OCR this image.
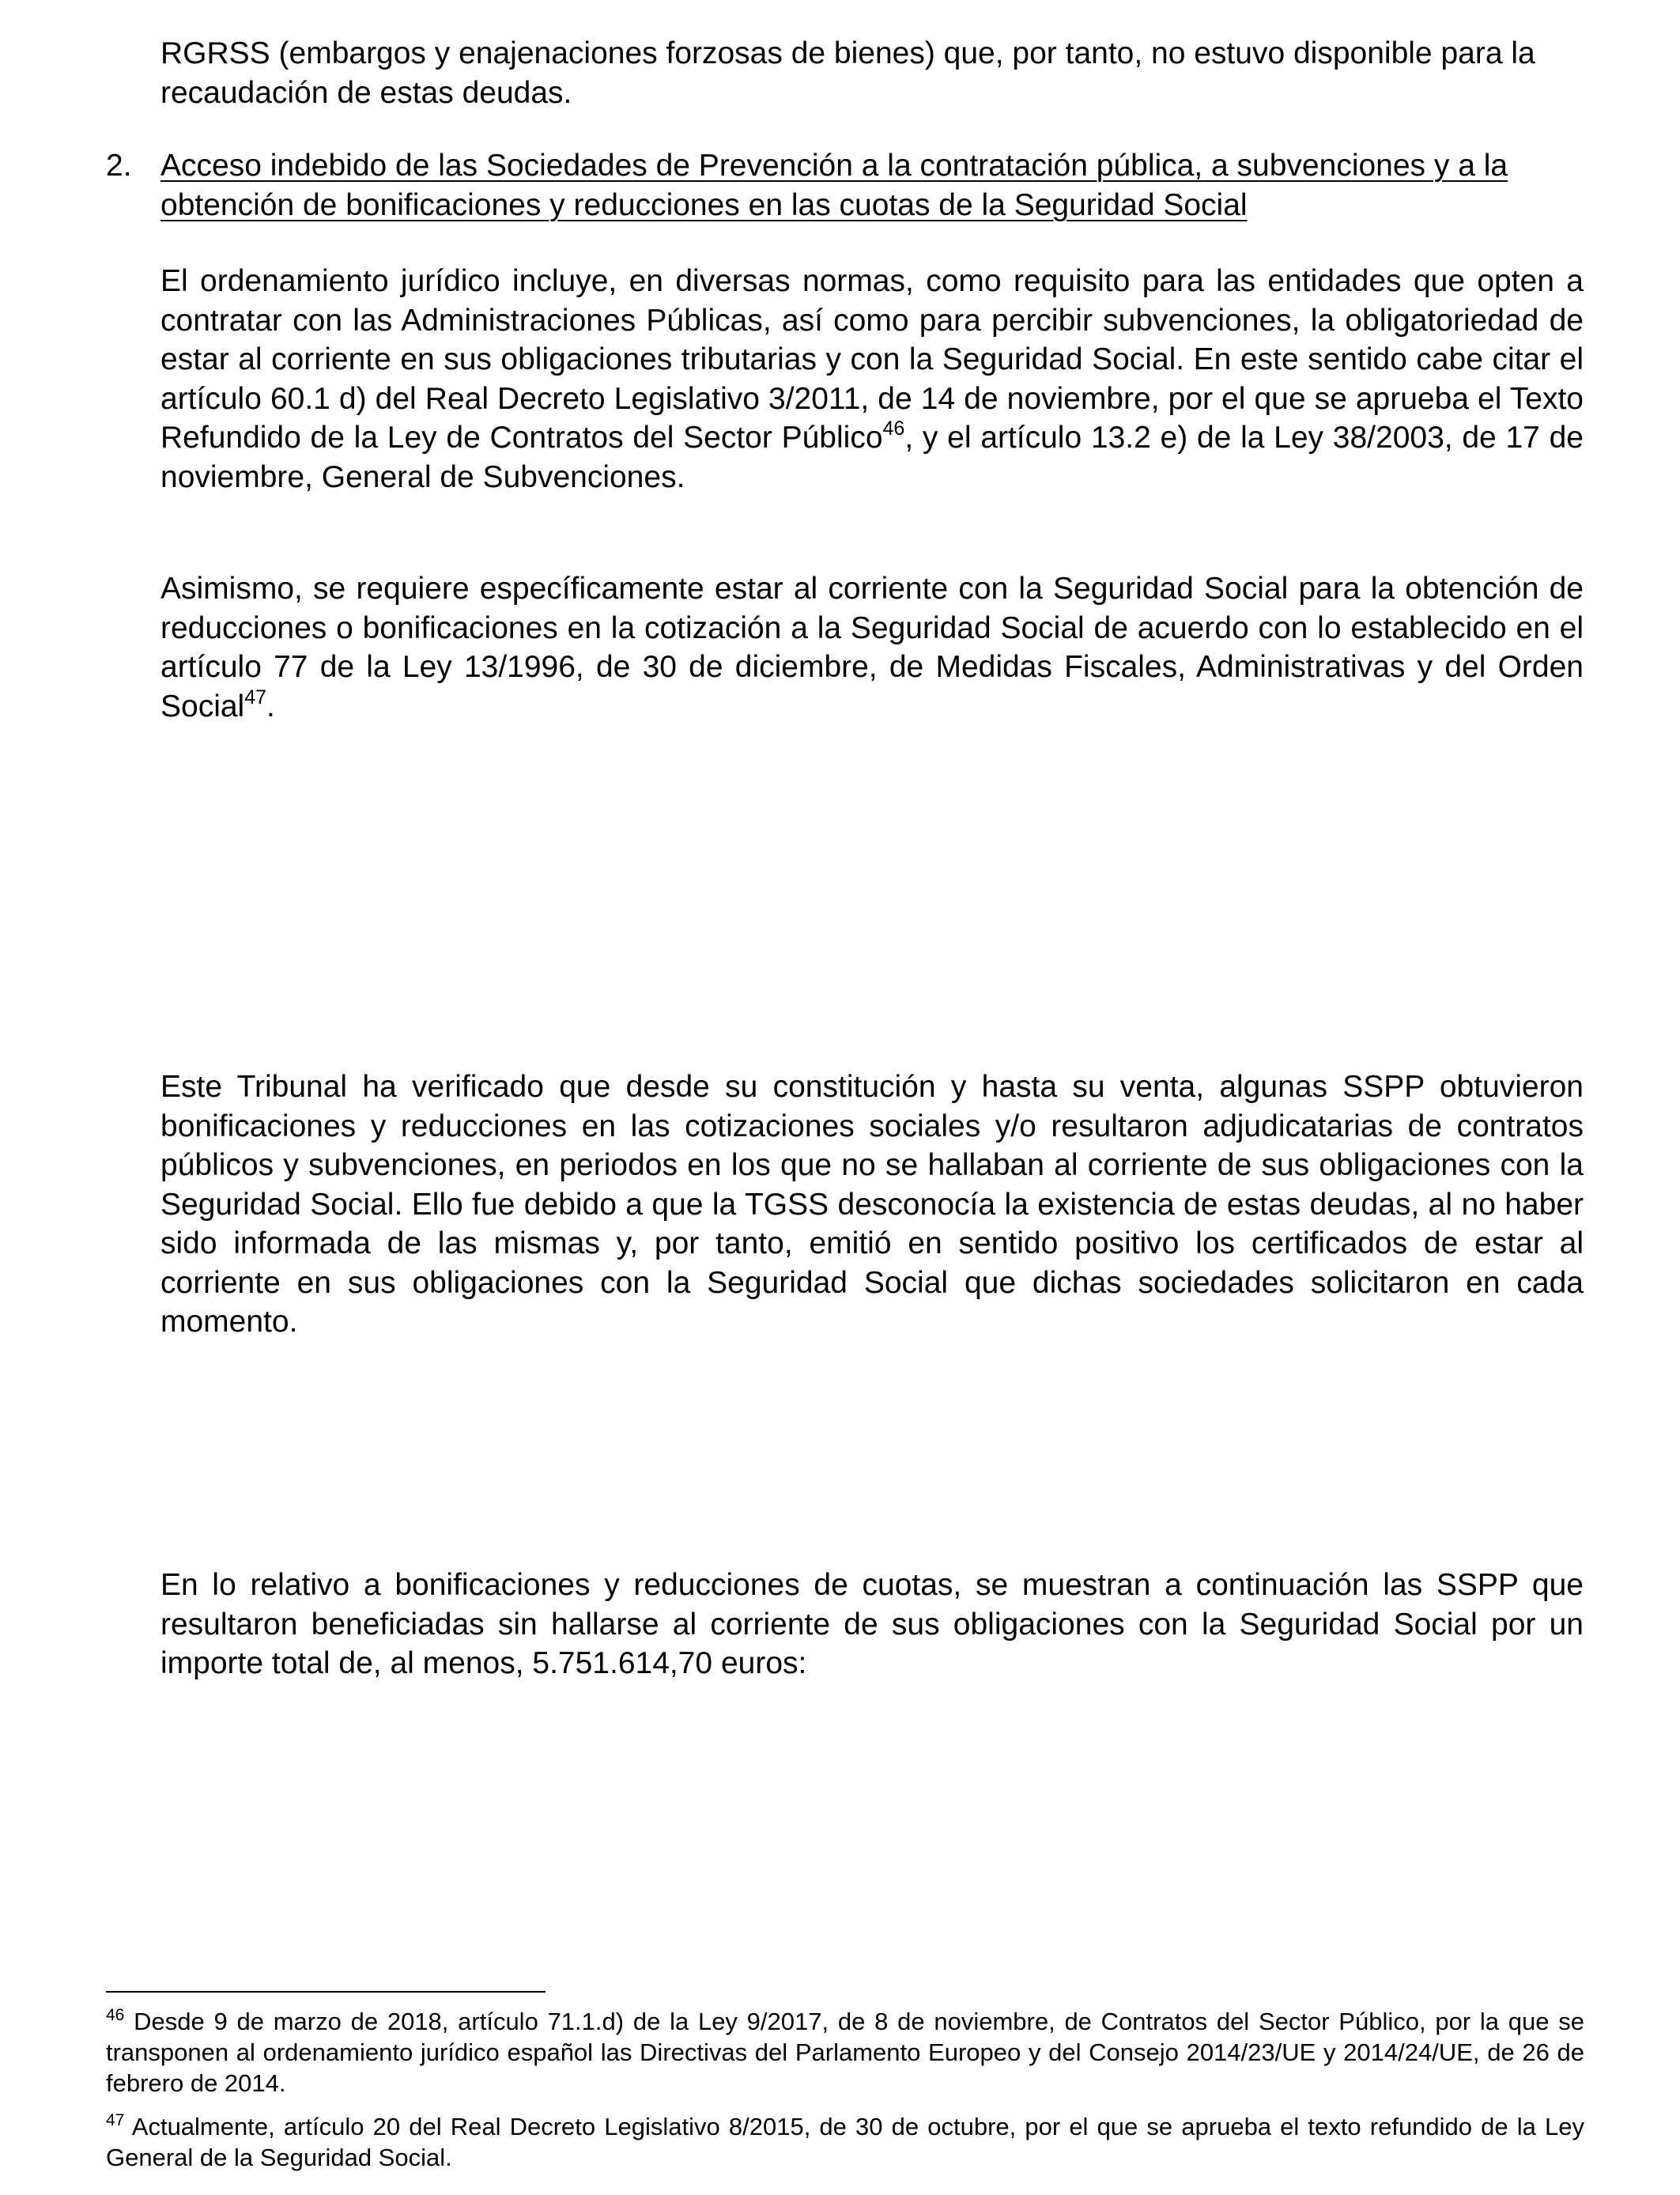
RGRSS (embargos y enajenaciones forzosas de bienes) que, por tanto, no estuvo disponible para la recaudación de estas deudas.

2. Acceso indebido de las Sociedades de Prevención a la contratación pública, a subvenciones y a la obtención de bonificaciones y reducciones en las cuotas de la Seguridad Social

El ordenamiento jurídico incluye, en diversas normas, como requisito para las entidades que opten a contratar con las Administraciones Públicas, así como para percibir subvenciones, la obligatoriedad de estar al corriente en sus obligaciones tributarias y con la Seguridad Social. En este sentido cabe citar el artículo 60.1 d) del Real Decreto Legislativo 3/2011, de 14 de noviembre, por el que se aprueba el Texto Refundido de la Ley de Contratos del Sector Público$^{46}$, y el artículo 13.2 e) de la Ley 38/2003, de 17 de noviembre, General de Subvenciones.

Asimismo, se requiere específicamente estar al corriente con la Seguridad Social para la obtención de reducciones o bonificaciones en la cotización a la Seguridad Social de acuerdo con lo establecido en el artículo 77 de la Ley 13/1996, de 30 de diciembre, de Medidas Fiscales, Administrativas y del Orden Social$^{47}$.

Este Tribunal ha verificado que desde su constitución y hasta su venta, algunas SSPP obtuvieron bonificaciones y reducciones en las cotizaciones sociales y/o resultaron adjudicatarias de contratos públicos y subvenciones, en periodos en los que no se hallaban al corriente de sus obligaciones con la Seguridad Social. Ello fue debido a que la TGSS desconocía la existencia de estas deudas, al no haber sido informada de las mismas y, por tanto, emitió en sentido positivo los certificados de estar al corriente en sus obligaciones con la Seguridad Social que dichas sociedades solicitaron en cada momento.

En lo relativo a bonificaciones y reducciones de cuotas, se muestran a continuación las SSPP que resultaron beneficiadas sin hallarse al corriente de sus obligaciones con la Seguridad Social por un importe total de, al menos, 5.751.614,70 euros:

$^{46}$ Desde 9 de marzo de 2018, artículo 71.1.d) de la Ley 9/2017, de 8 de noviembre, de Contratos del Sector Público, por la que se transponen al ordenamiento jurídico español las Directivas del Parlamento Europeo y del Consejo 2014/23/UE y 2014/24/UE, de 26 de febrero de 2014.
$^{47}$ Actualmente, artículo 20 del Real Decreto Legislativo 8/2015, de 30 de octubre, por el que se aprueba el texto refundido de la Ley General de la Seguridad Social.
